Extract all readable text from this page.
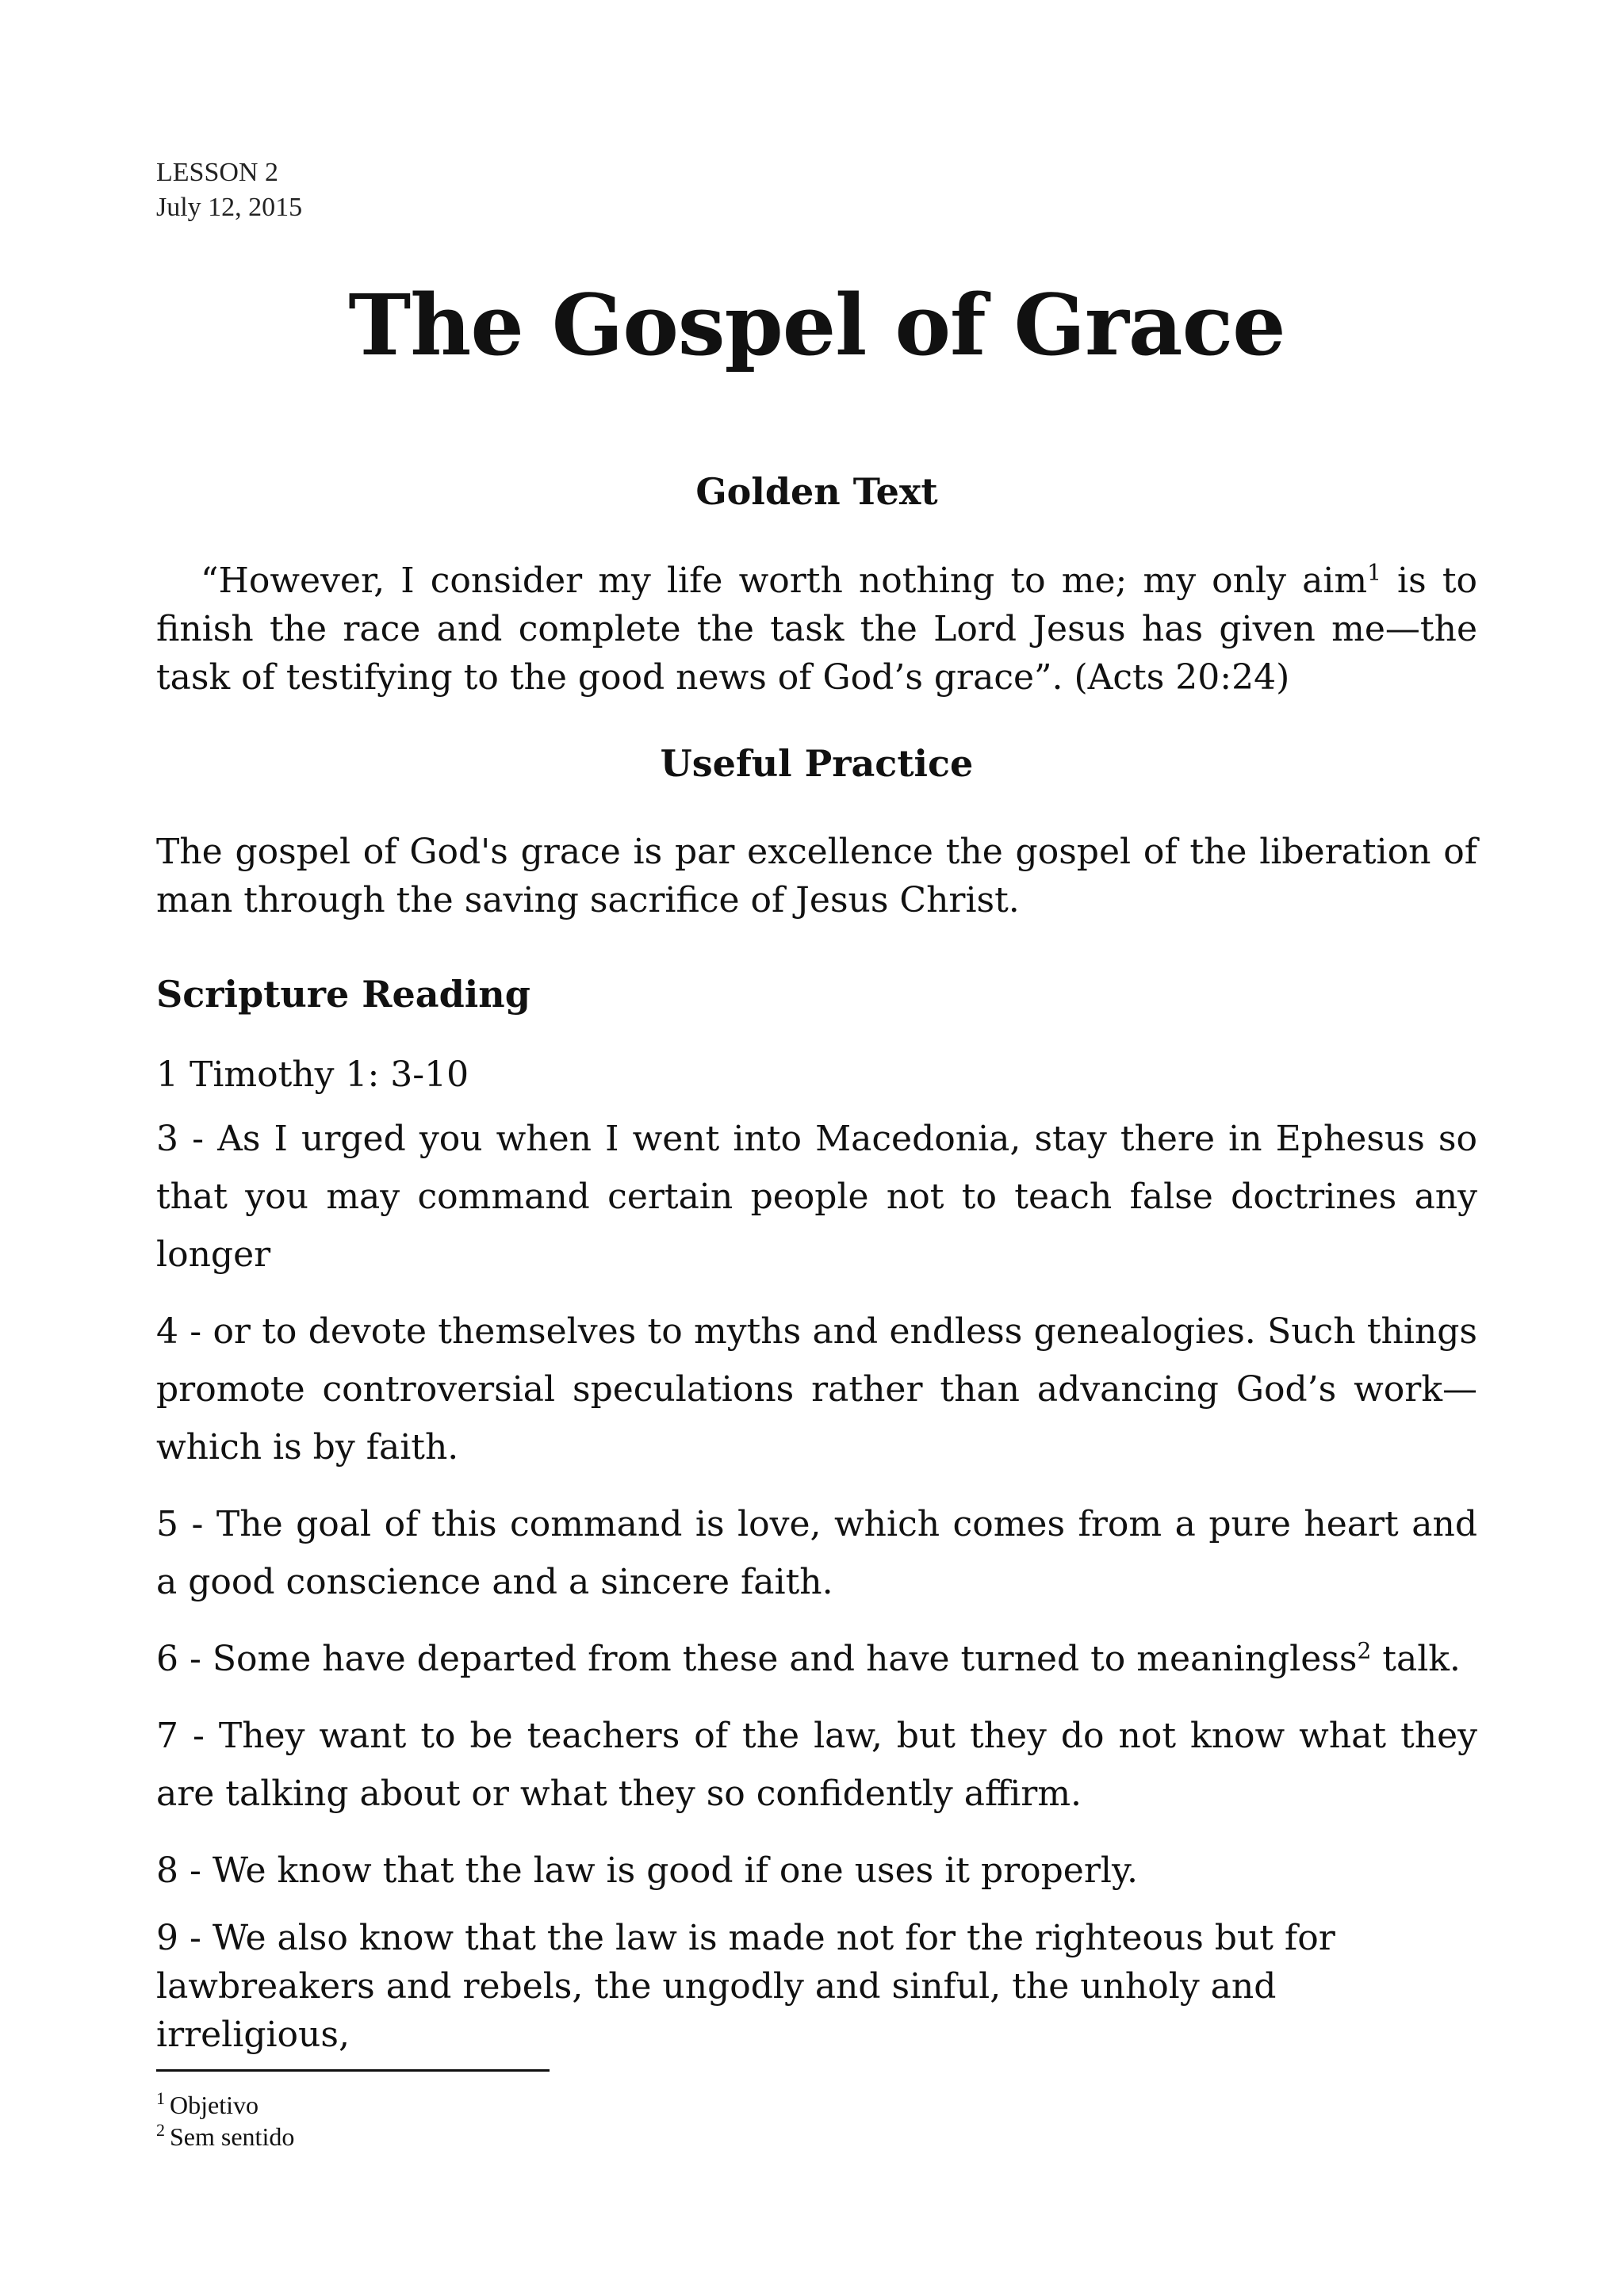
LESSON 2
July 12, 2015
The Gospel of Grace
Golden Text
“However, I consider my life worth nothing to me; my only aim$^1$ is to finish the race and complete the task the Lord Jesus has given me—the task of testifying to the good news of God’s grace”. (Acts 20:24)
Useful Practice
The gospel of God's grace is par excellence the gospel of the liberation of man through the saving sacrifice of Jesus Christ.
Scripture Reading
1 Timothy 1: 3-10
3 - As I urged you when I went into Macedonia, stay there in Ephesus so that you may command certain people not to teach false doctrines any longer
4 - or to devote themselves to myths and endless genealogies. Such things promote controversial speculations rather than advancing God’s work—which is by faith.
5 - The goal of this command is love, which comes from a pure heart and a good conscience and a sincere faith.
6 - Some have departed from these and have turned to meaningless$^2$ talk.
7 - They want to be teachers of the law, but they do not know what they are talking about or what they so confidently affirm.
8 - We know that the law is good if one uses it properly.
9 - We also know that the law is made not for the righteous but for lawbreakers and rebels, the ungodly and sinful, the unholy and irreligious,
$^1$ Objetivo
$^2$ Sem sentido
